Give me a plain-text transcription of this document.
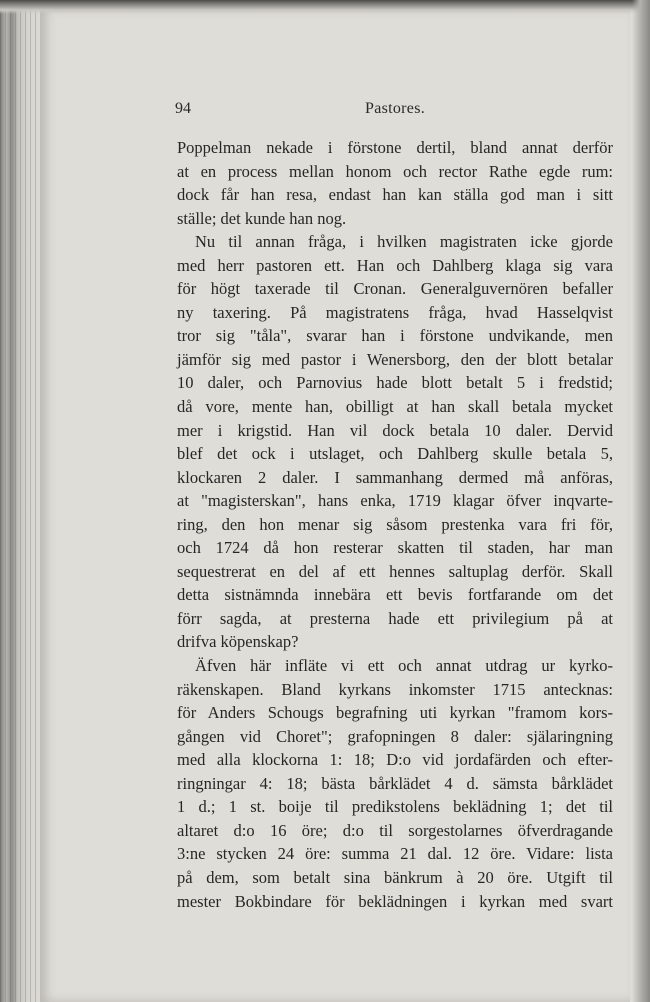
94	Pastores.
Poppelman nekade i förstone dertil, bland annat derför
at en process mellan honom och rector Rathe egde rum:
dock får han resa, endast han kan ställa god man i sitt
ställe; det kunde han nog.
Nu til annan fråga, i hvilken magistraten icke gjorde
med herr pastoren ett. Han och Dahlberg klaga sig vara
för högt taxerade til Cronan. Generalguvernören befaller
ny taxering. På magistratens fråga, hvad Hasselqvist
tror sig "tåla", svarar han i förstone undvikande, men
jämför sig med pastor i Wenersborg, den der blott betalar
10 daler, och Parnovius hade blott betalt 5 i fredstid;
då vore, mente han, obilligt at han skall betala mycket
mer i krigstid. Han vil dock betala 10 daler. Dervid
blef det ock i utslaget, och Dahlberg skulle betala 5,
klockaren 2 daler. I sammanhang dermed må anföras,
at "magisterskan", hans enka, 1719 klagar öfver inqvarte-
ring, den hon menar sig såsom prestenka vara fri för,
och 1724 då hon resterar skatten til staden, har man
sequestrerat en del af ett hennes saltuplag derför. Skall
detta sistnämnda innebära ett bevis fortfarande om det
förr sagda, at presterna hade ett privilegium på at
drifva köpenskap?
Äfven här infläte vi ett och annat utdrag ur kyrko-
räkenskapen. Bland kyrkans inkomster 1715 antecknas:
för Anders Schougs begrafning uti kyrkan "framom kors-
gången vid Choret"; grafopningen 8 daler: själaringning
med alla klockorna 1: 18; D:o vid jordafärden och efter-
ringningar 4: 18; bästa bårklädet 4 d. sämsta bårklädet
1 d.; 1 st. boije til predikstolens beklädning 1; det til
altaret d:o 16 öre; d:o til sorgestolarnes öfverdragande
3:ne stycken 24 öre: summa 21 dal. 12 öre. Vidare: lista
på dem, som betalt sina bänkrum à 20 öre. Utgift til
mester Bokbindare för beklädningen i kyrkan med svart
